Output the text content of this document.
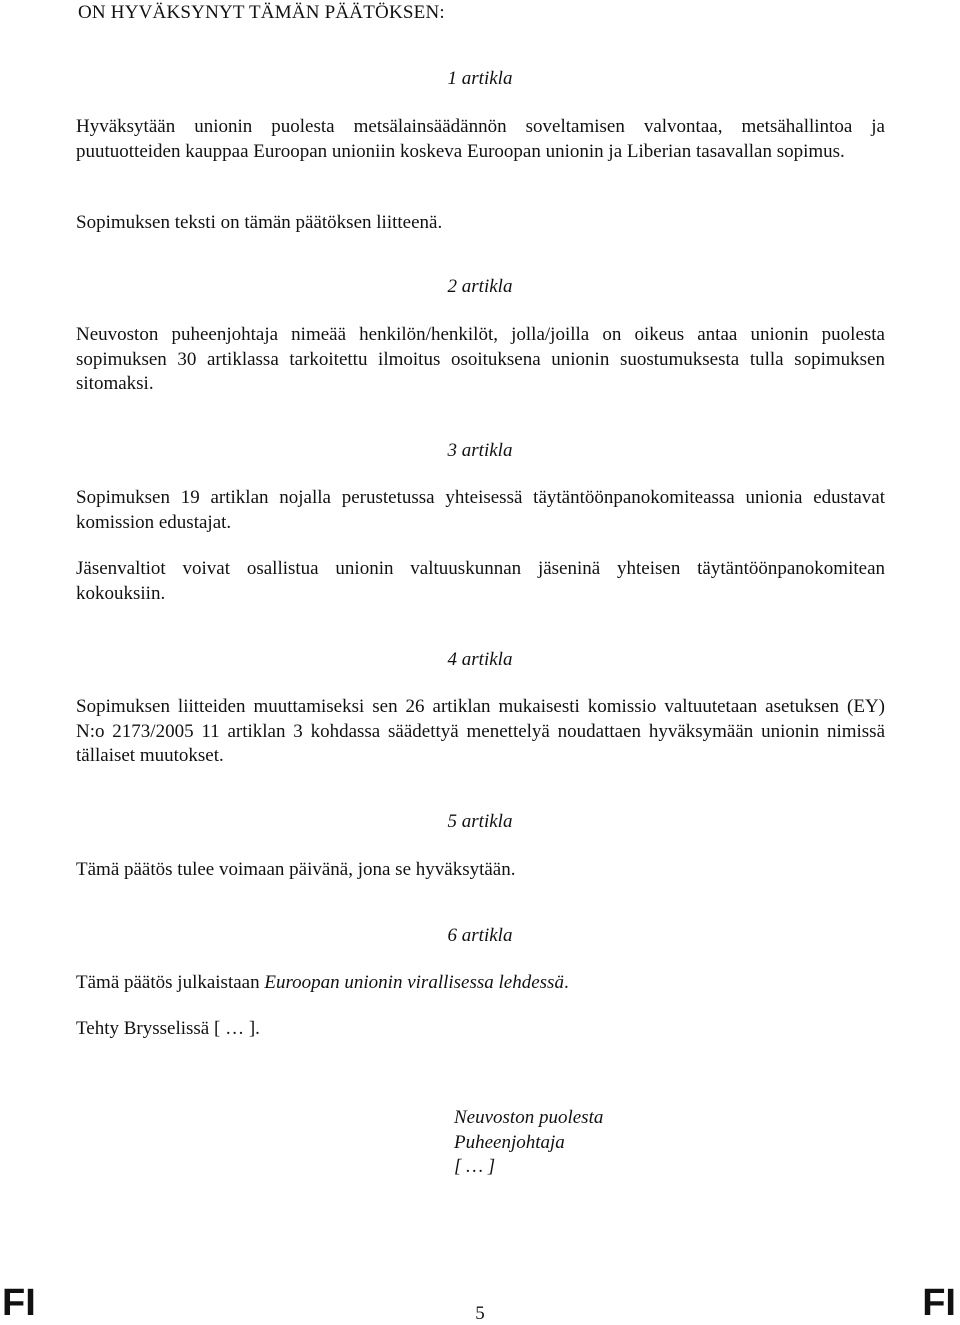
ON HYVÄKSYNYT TÄMÄN PÄÄTÖKSEN:
1 artikla

Hyväksytään unionin puolesta metsälainsäädännön soveltamisen valvontaa, metsähallintoa ja puutuotteiden kauppaa Euroopan unioniin koskeva Euroopan unionin ja Liberian tasavallan sopimus.

Sopimuksen teksti on tämän päätöksen liitteenä.

2 artikla

Neuvoston puheenjohtaja nimeää henkilön/henkilöt, jolla/joilla on oikeus antaa unionin puolesta sopimuksen 30 artiklassa tarkoitettu ilmoitus osoituksena unionin suostumuksesta tulla sopimuksen sitomaksi.

3 artikla

Sopimuksen 19 artiklan nojalla perustetussa yhteisessä täytäntöönpanokomiteassa unionia edustavat komission edustajat.

Jäsenvaltiot voivat osallistua unionin valtuuskunnan jäseninä yhteisen täytäntöönpanokomitean kokouksiin.

4 artikla

Sopimuksen liitteiden muuttamiseksi sen 26 artiklan mukaisesti komissio valtuutetaan asetuksen (EY) N:o 2173/2005 11 artiklan 3 kohdassa säädettyä menettelyä noudattaen hyväksymään unionin nimissä tällaiset muutokset.

5 artikla

Tämä päätös tulee voimaan päivänä, jona se hyväksytään.

6 artikla

Tämä päätös julkaistaan Euroopan unionin virallisessa lehdessä.

Tehty Brysselissä [ … ].

Neuvoston puolesta
Puheenjohtaja
[ … ]
FI	5	FI
